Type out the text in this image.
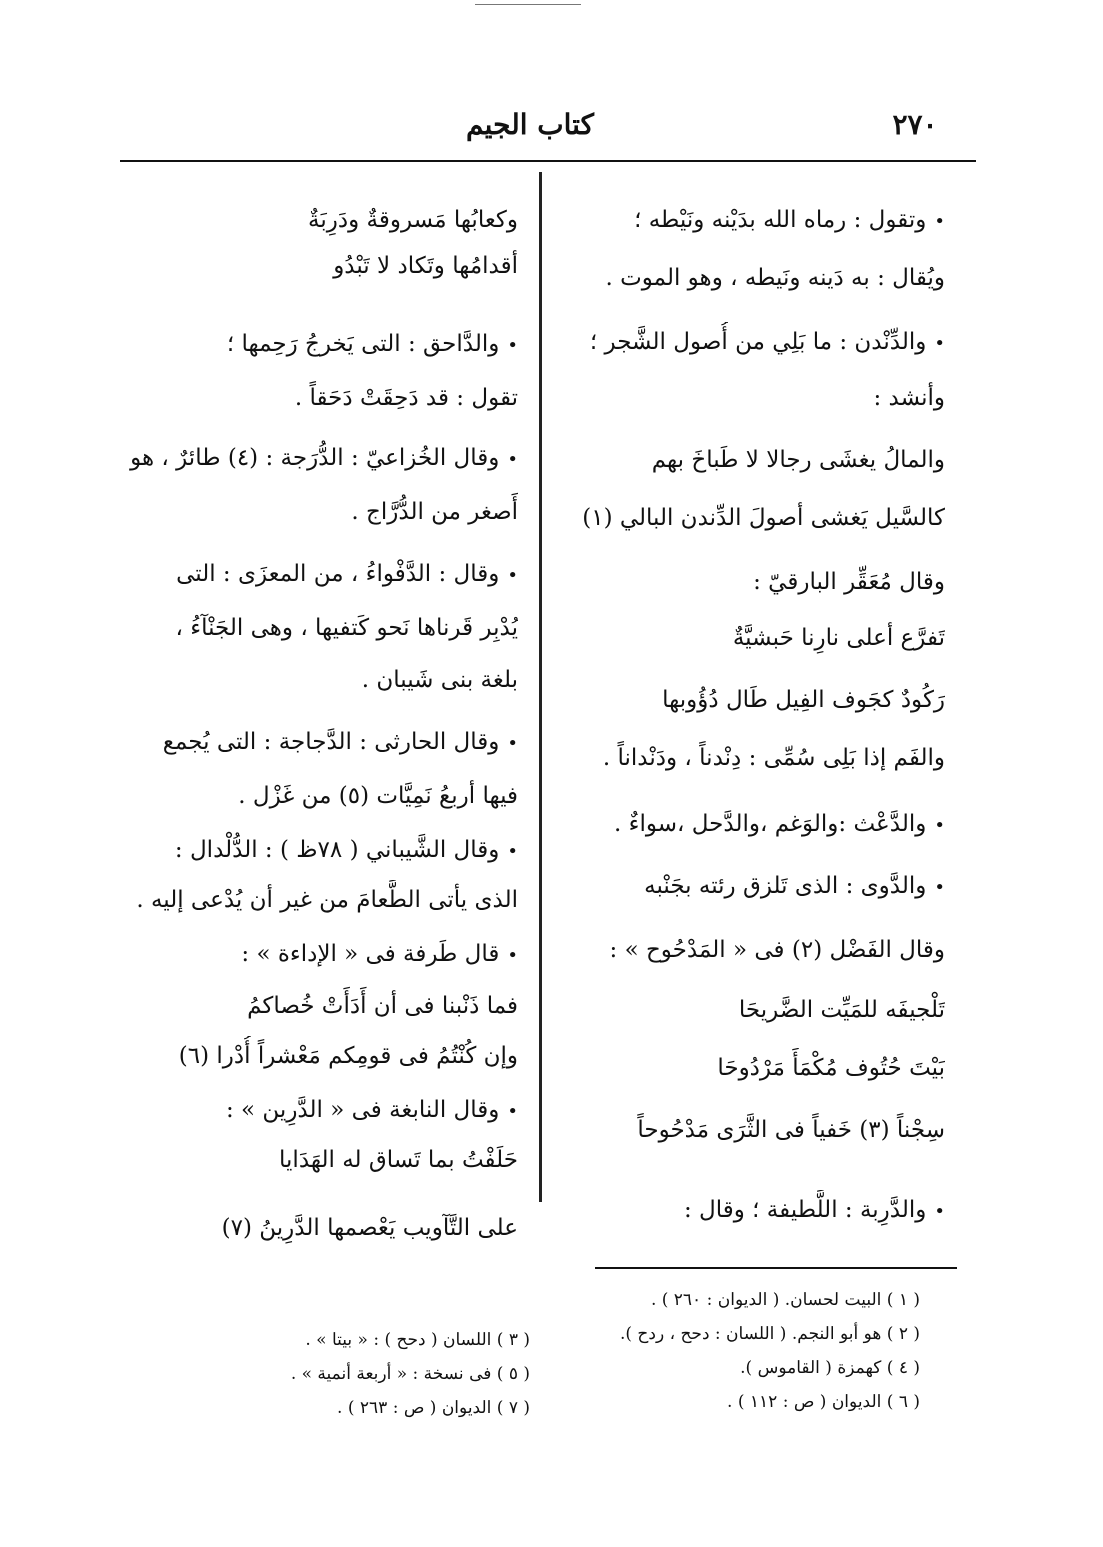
٢٧٠
كتاب الجيم
•وتقول : رماه الله بدَيْنه ونَيْطه ؛
ويُقال : به دَينه ونَيطه ، وهو الموت .
•والدِّنْدن : ما بَلِي من أُصول الشَّجر ؛
وأنشد :
والمالُ يغشَى رجالا لا طَباخَ بهم
كالسَّيل يَغشى أصولَ الدِّندن البالي (١)
وقال مُعَقِّر البارقيّ :
تَفرَّع أعلى نارِنا حَبشيَّةٌ
رَكُودٌ كجَوف الفِيل طَال دُؤُوبها
والفَم إذا بَلِى سُمِّى : دِنْدناً ، ودَنْداناً .
•والدَّعْث :والوَغم ،والدَّحل ،سواءٌ .
•والدَّوى : الذى تَلزق رئته بجَنْبه
وقال الفَضْل (٢) فى « المَدْحُوح » :
تَلْجيفَه للمَيِّت الضَّريحَا
بَيْتَ حُتُوف مُكْمَأً مَرْدُوحَا
سِجْناً (٣) خَفياً فى الثَّرَى مَدْحُوحاً
•والدَّرِبة : اللَّطيفة ؛ وقال :
وكعابُها مَسروقةٌ ودَرِبَةٌ
أقدامُها وتَكاد لا تَبْدُو
•والدَّاحق : التى يَخرجُ رَحِمها ؛
تقول : قد دَحِقَتْ دَحَقاً .
•وقال الخُزاعيّ : الدُّرَجة : (٤) طائرٌ ، هو
أَصغر من الدُّرَّاج .
•وقال : الدَّفْواءُ ، من المعزَى : التى
يُدْبِر قَرناها نَحو كَتفيها ، وهى الجَنْآءُ ،
بلغة بنى شَيبان .
•وقال الحارثى : الدَّجاجة : التى يُجمع
فيها أربعُ نَمِيَّات (٥) من غَزْل .
•وقال الشَّيباني ( ٧٨ظ ) : الدُّلْدال :
الذى يأتى الطَّعامَ من غير أن يُدْعى إليه .
•قال طَرفة فى « الإداءة » :
فما ذَنْبنا فى أن أَدَأَتْ خُصاكمُ
وإن كُنْتُمُ فى قومِكم مَعْشراً أُدْرا (٦)
•وقال النابغة فى « الدَّرِين » :
حَلَفْتُ بما تَساق له الهَدَايا
على التَّآويب يَعْصمها الدَّرِينُ (٧)
( ١ ) البيت لحسان. ( الديوان : ٢٦٠ ) .
( ٢ ) هو أبو النجم. ( اللسان : دحح ، ردح ).
( ٤ ) كهمزة ( القاموس ).
( ٦ ) الديوان ( ص : ١١٢ ) .
( ٣ ) اللسان ( دحح ) : « بيتا » .
( ٥ ) فى نسخة : « أربعة أنمية » .
( ٧ ) الديوان ( ص : ٢٦٣ ) .
